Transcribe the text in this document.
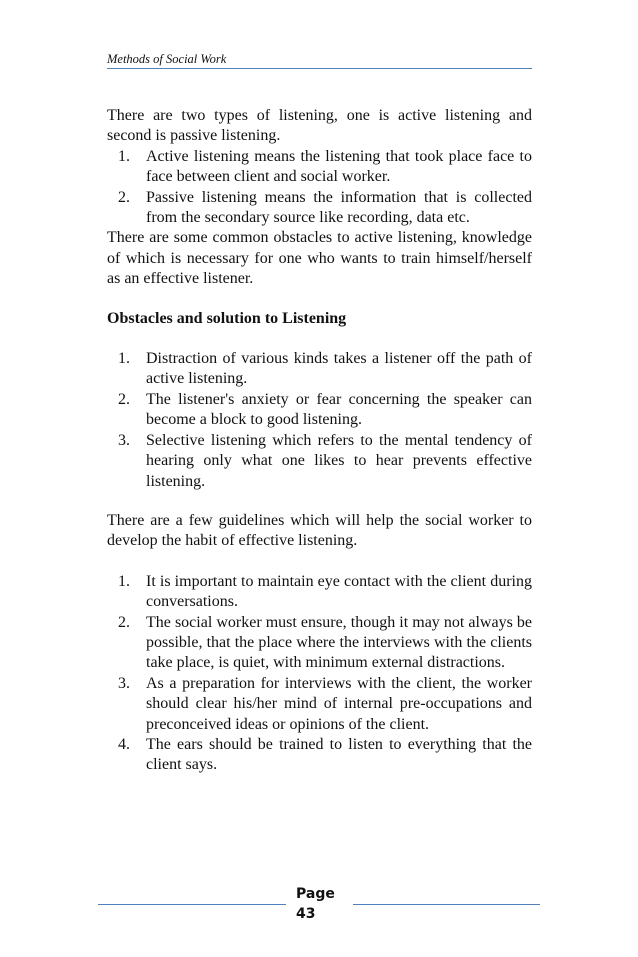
Methods of Social Work

There are two types of listening, one is active listening and second is passive listening.

1. Active listening means the listening that took place face to face between client and social worker.
2. Passive listening means the information that is collected from the secondary source like recording, data etc.

There are some common obstacles to active listening, knowledge of which is necessary for one who wants to train himself/herself as an effective listener.

Obstacles and solution to Listening

1. Distraction of various kinds takes a listener off the path of active listening.
2. The listener's anxiety or fear concerning the speaker can become a block to good listening.
3. Selective listening which refers to the mental tendency of hearing only what one likes to hear prevents effective listening.

There are a few guidelines which will help the social worker to develop the habit of effective listening.

1. It is important to maintain eye contact with the client during conversations.
2. The social worker must ensure, though it may not always be possible, that the place where the interviews with the clients take place, is quiet, with minimum external distractions.
3. As a preparation for interviews with the client, the worker should clear his/her mind of internal pre-occupations and preconceived ideas or opinions of the client.
4. The ears should be trained to listen to everything that the client says.
Page
43
